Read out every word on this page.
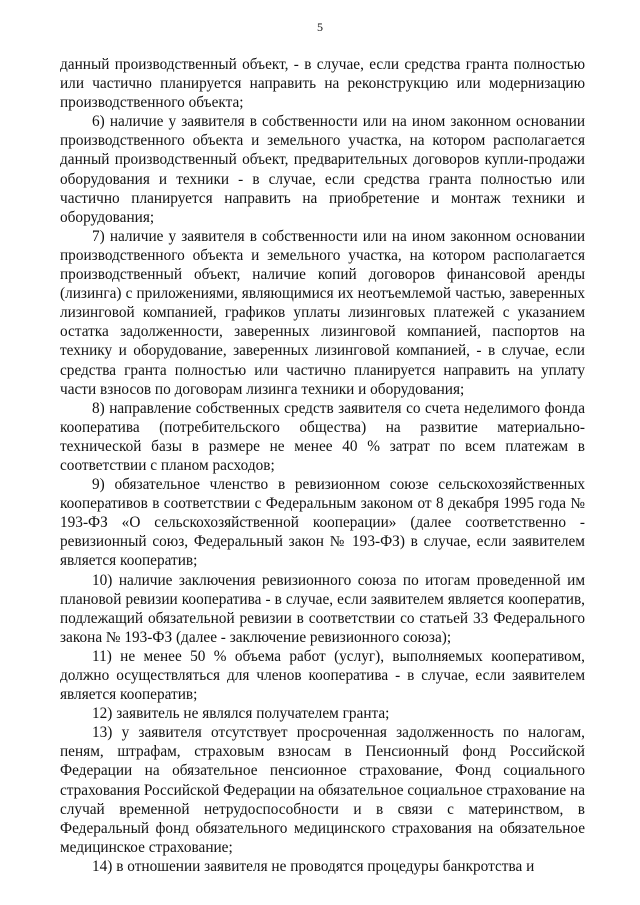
5

данный производственный объект, - в случае, если средства гранта полностью или частично планируется направить на реконструкцию или модернизацию производственного объекта;

6) наличие у заявителя в собственности или на ином законном основании производственного объекта и земельного участка, на котором располагается данный производственный объект, предварительных договоров купли-продажи оборудования и техники - в случае, если средства гранта полностью или частично планируется направить на приобретение и монтаж техники и оборудования;

7) наличие у заявителя в собственности или на ином законном основании производственного объекта и земельного участка, на котором располагается производственный объект, наличие копий договоров финансовой аренды (лизинга) с приложениями, являющимися их неотъемлемой частью, заверенных лизинговой компанией, графиков уплаты лизинговых платежей с указанием остатка задолженности, заверенных лизинговой компанией, паспортов на технику и оборудование, заверенных лизинговой компанией, - в случае, если средства гранта полностью или частично планируется направить на уплату части взносов по договорам лизинга техники и оборудования;

8) направление собственных средств заявителя со счета неделимого фонда кооператива (потребительского общества) на развитие материально-технической базы в размере не менее 40 % затрат по всем платежам в соответствии с планом расходов;

9) обязательное членство в ревизионном союзе сельскохозяйственных кооперативов в соответствии с Федеральным законом от 8 декабря 1995 года № 193-ФЗ «О сельскохозяйственной кооперации» (далее соответственно - ревизионный союз, Федеральный закон № 193-ФЗ) в случае, если заявителем является кооператив;

10) наличие заключения ревизионного союза по итогам проведенной им плановой ревизии кооператива - в случае, если заявителем является кооператив, подлежащий обязательной ревизии в соответствии со статьей 33 Федерального закона № 193-ФЗ (далее - заключение ревизионного союза);

11) не менее 50 % объема работ (услуг), выполняемых кооперативом, должно осуществляться для членов кооператива - в случае, если заявителем является кооператив;

12) заявитель не являлся получателем гранта;

13) у заявителя отсутствует просроченная задолженность по налогам, пеням, штрафам, страховым взносам в Пенсионный фонд Российской Федерации на обязательное пенсионное страхование, Фонд социального страхования Российской Федерации на обязательное социальное страхование на случай временной нетрудоспособности и в связи с материнством, в Федеральный фонд обязательного медицинского страхования на обязательное медицинское страхование;

14) в отношении заявителя не проводятся процедуры банкротства и
